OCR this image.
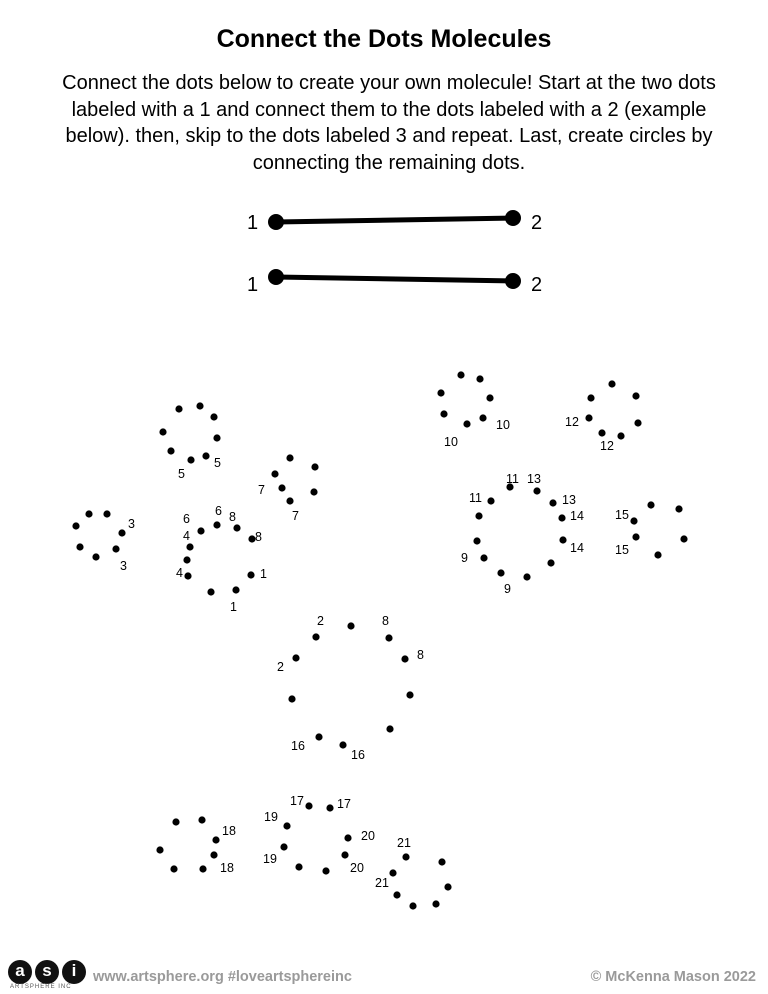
Connect the Dots Molecules

Connect the dots below to create your own molecule! Start at the two dots labeled with a 1 and connect them to the dots labeled with a 2 (example below). then, skip to the dots labeled 3 and repeat. Last, create circles by connecting the remaining dots.

1	2
1	2
5
5
7
7
3
3
6
6 8
8
4
4	1
1
10
10	12
12
11 13
11	13
14
14
9
9
15
15
2
2
8
8
16
16
17	17
19
19
20
20
18
18
21
21
a	s	i
ARTSPHERE INC
www.artsphere.org #loveartsphereinc	© McKenna Mason 2022
